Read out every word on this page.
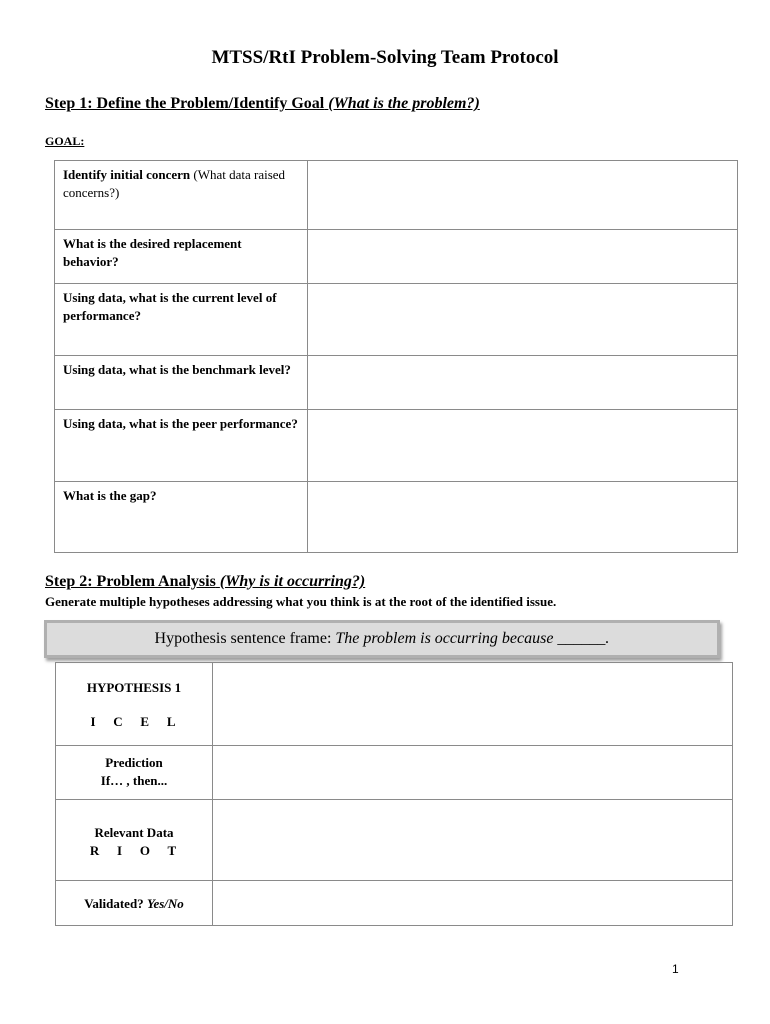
MTSS/RtI Problem-Solving Team Protocol
Step 1: Define the Problem/Identify Goal (What is the problem?)
GOAL:
Identify initial concern (What data raised concerns?)	
What is the desired replacement behavior?	
Using data, what is the current level of performance?	
Using data, what is the benchmark level?	
Using data, what is the peer performance?	
What is the gap?	
Step 2: Problem Analysis (Why is it occurring?)
Generate multiple hypotheses addressing what you think is at the root of the identified issue.
Hypothesis sentence frame: The problem is occurring because ______.
HYPOTHESIS 1
I   C   E   L	

Prediction
If… , then...	

Relevant Data
R   I   O   T	

Validated? Yes/No	
1
